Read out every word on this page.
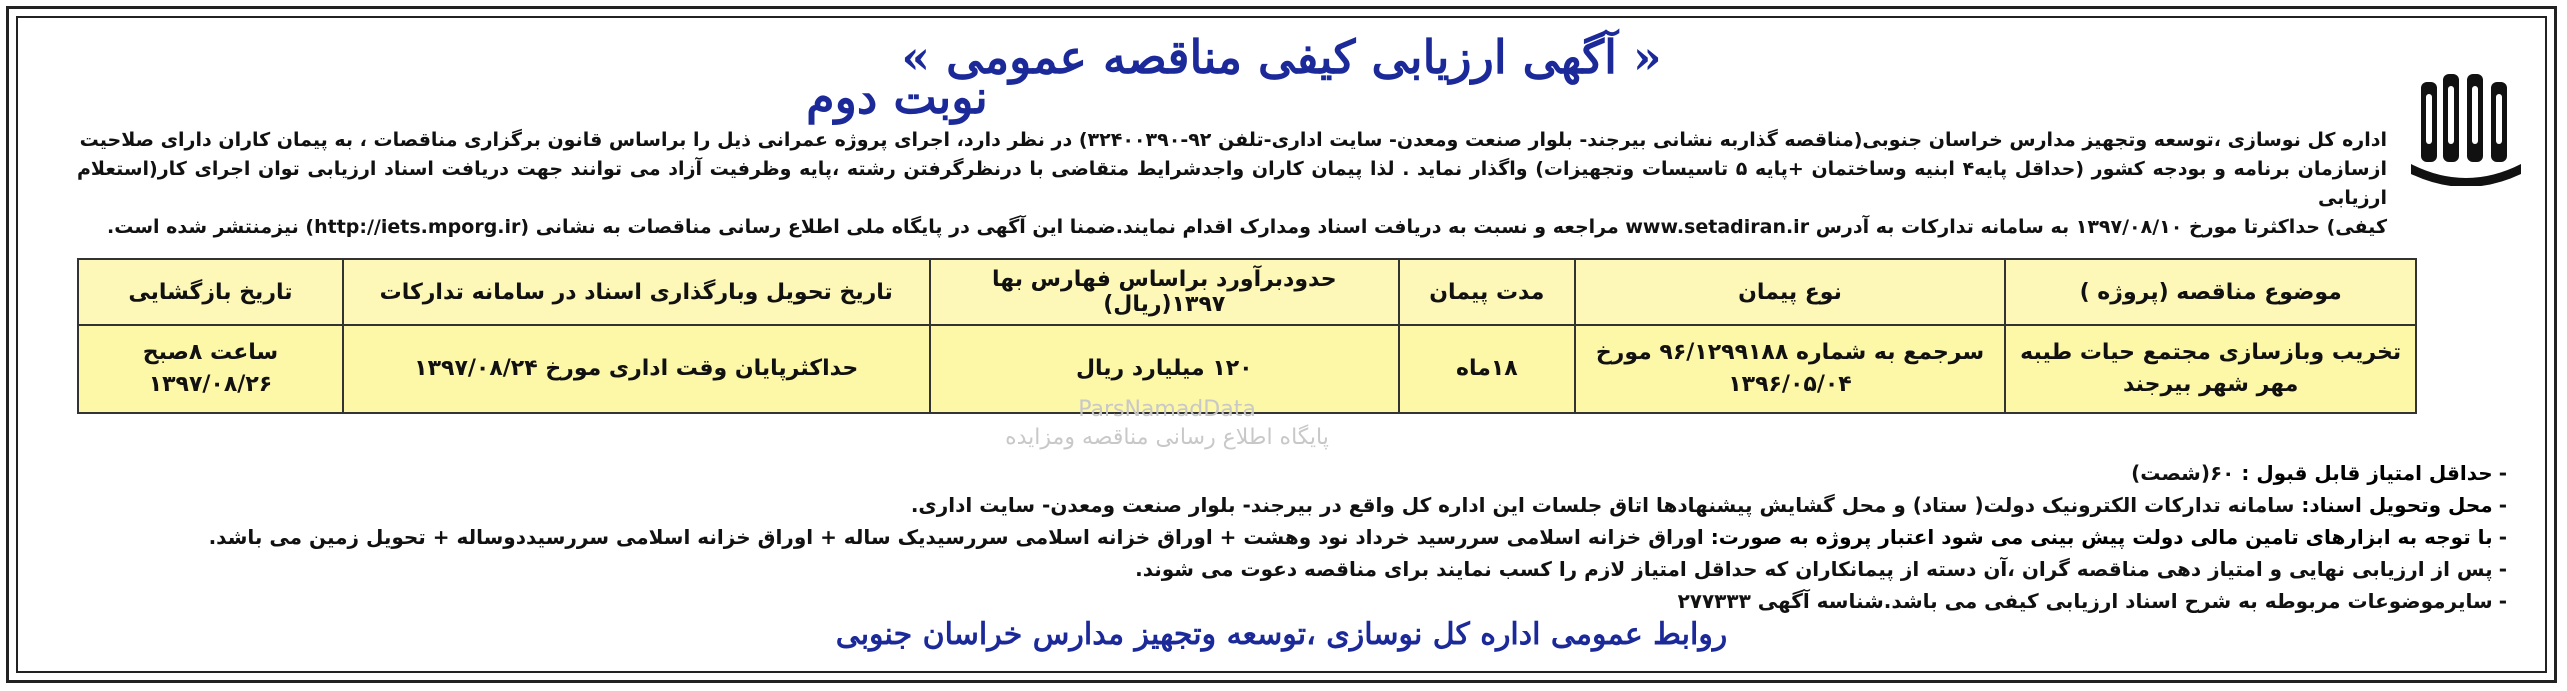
« آگهی ارزیابی کیفی مناقصه عمومی »
نوبت دوم
اداره کل نوسازی ،توسعه وتجهیز مدارس خراسان جنوبی(مناقصه گذاربه نشانی بیرجند- بلوار صنعت ومعدن- سایت اداری-تلفن ۹۲-۳۲۴۰۰۳۹۰) در نظر دارد، اجرای پروژه عمرانی ذیل را براساس قانون برگزاری مناقصات ، به پیمان کاران دارای صلاحیت
ازسازمان برنامه و بودجه کشور (حداقل پایه۴ ابنیه وساختمان +پایه ۵ تاسیسات وتجهیزات) واگذار نماید . لذا پیمان کاران واجدشرایط متقاضی با درنظرگرفتن رشته ،پایه وظرفیت آزاد می توانند جهت دریافت اسناد ارزیابی توان اجرای کار(استعلام ارزیابی
کیفی) حداکثرتا مورخ ۱۳۹۷/۰۸/۱۰ به سامانه تدارکات به آدرس www.setadiran.ir مراجعه و نسبت به دریافت اسناد ومدارک اقدام نمایند.ضمنا این آگهی در پایگاه ملی اطلاع رسانی مناقصات به نشانی (http://iets.mporg.ir) نیزمنتشر شده است.
موضوع مناقصه (پروژه )	نوع پیمان	مدت پیمان	حدودبرآورد براساس فهارس بها ۱۳۹۷(ریال)	تاریخ تحویل وبارگذاری اسناد در سامانه تدارکات	تاریخ بازگشایی
تخریب وبازسازی مجتمع حیات طیبه مهر شهر بیرجند	سرجمع به شماره ۹۶/۱۲۹۹۱۸۸ مورخ ۱۳۹۶/۰۵/۰۴	۱۸ماه	۱۲۰ میلیارد ریال	حداکثرپایان وقت اداری مورخ ۱۳۹۷/۰۸/۲۴	ساعت ۸صبح
۱۳۹۷/۰۸/۲۶
ParsNamadData
پایگاه اطلاع رسانی مناقصه ومزایده
-حداقل امتیاز قابل قبول : ۶۰(شصت)
-محل وتحویل اسناد: سامانه تدارکات الکترونیک دولت( ستاد) و محل گشایش پیشنهادها اتاق جلسات این اداره کل واقع در بیرجند- بلوار صنعت ومعدن- سایت اداری.
-با توجه به ابزارهای تامین مالی دولت پیش بینی می شود اعتبار پروژه به صورت: اوراق خزانه اسلامی سررسید خرداد نود وهشت + اوراق خزانه اسلامی سررسیدیک ساله + اوراق خزانه اسلامی سررسیددوساله + تحویل زمین می باشد.
-پس از ارزیابی نهایی و امتیاز دهی مناقصه گران ،آن دسته از پیمانکاران که حداقل امتیاز لازم را کسب نمایند برای مناقصه دعوت می شوند.
-سایرموضوعات مربوطه به شرح اسناد ارزیابی کیفی می باشد.شناسه آگهی ۲۷۷۳۳۳
روابط عمومی اداره کل نوسازی ،توسعه وتجهیز مدارس خراسان جنوبی
